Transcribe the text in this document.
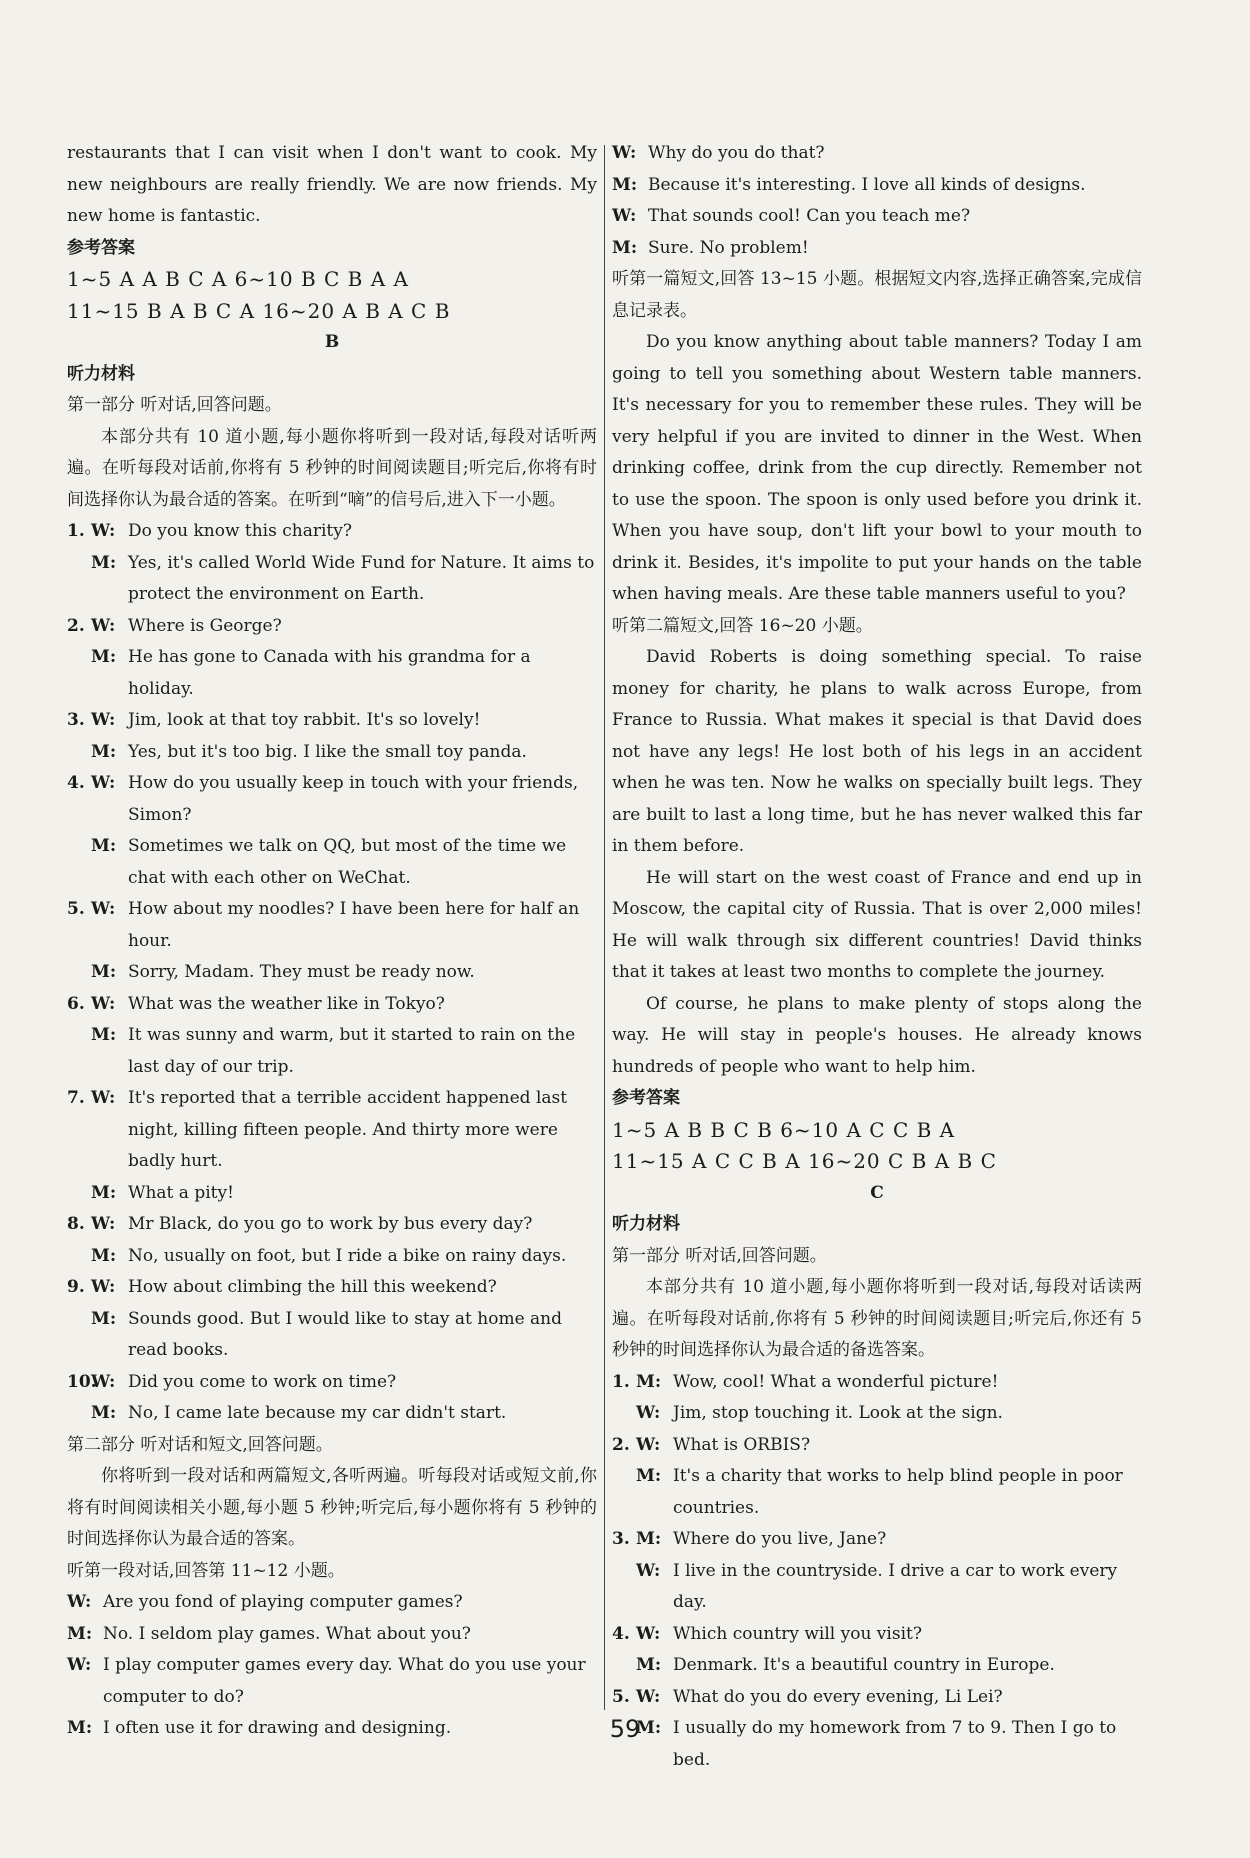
restaurants that I can visit when I don't want to cook. My new neighbours are really friendly. We are now friends. My new home is fantastic.

参考答案

1~5 A A B C A 6~10 B C B A A

11~15 B A B C A 16~20 A B A C B

B

听力材料

第一部分 听对话,回答问题。

本部分共有 10 道小题,每小题你将听到一段对话,每段对话听两遍。在听每段对话前,你将有 5 秒钟的时间阅读题目;听完后,你将有时间选择你认为最合适的答案。在听到“嘀”的信号后,进入下一小题。

1. W: Do you know this charity?

M: Yes, it's called World Wide Fund for Nature. It aims to protect the environment on Earth.

2. W: Where is George?

M: He has gone to Canada with his grandma for a holiday.

3. W: Jim, look at that toy rabbit. It's so lovely!

M: Yes, but it's too big. I like the small toy panda.

4. W: How do you usually keep in touch with your friends, Simon?

M: Sometimes we talk on QQ, but most of the time we chat with each other on WeChat.

5. W: How about my noodles? I have been here for half an hour.

M: Sorry, Madam. They must be ready now.

6. W: What was the weather like in Tokyo?

M: It was sunny and warm, but it started to rain on the last day of our trip.

7. W: It's reported that a terrible accident happened last night, killing fifteen people. And thirty more were badly hurt.

M: What a pity!

8. W: Mr Black, do you go to work by bus every day?

M: No, usually on foot, but I ride a bike on rainy days.

9. W: How about climbing the hill this weekend?

M: Sounds good. But I would like to stay at home and read books.

10.
W: Did you come to work on time?

M: No, I came late because my car didn't start.

第二部分 听对话和短文,回答问题。

你将听到一段对话和两篇短文,各听两遍。听每段对话或短文前,你将有时间阅读相关小题,每小题 5 秒钟;听完后,每小题你将有 5 秒钟的时间选择你认为最合适的答案。

听第一段对话,回答第 11~12 小题。

W: Are you fond of playing computer games?

M: No. I seldom play games. What about you?

W: I play computer games every day. What do you use your computer to do?

M: I often use it for drawing and designing.

W: Why do you do that?

M: Because it's interesting. I love all kinds of designs.

W: That sounds cool! Can you teach me?

M: Sure. No problem!

听第一篇短文,回答 13~15 小题。根据短文内容,选择正确答案,完成信息记录表。

Do you know anything about table manners? Today I am going to tell you something about Western table manners. It's necessary for you to remember these rules. They will be very helpful if you are invited to dinner in the West. When drinking coffee, drink from the cup directly. Remember not to use the spoon. The spoon is only used before you drink it. When you have soup, don't lift your bowl to your mouth to drink it. Besides, it's impolite to put your hands on the table when having meals. Are these table manners useful to you?

听第二篇短文,回答 16~20 小题。

David Roberts is doing something special. To raise money for charity, he plans to walk across Europe, from France to Russia. What makes it special is that David does not have any legs! He lost both of his legs in an accident when he was ten. Now he walks on specially built legs. They are built to last a long time, but he has never walked this far in them before.

He will start on the west coast of France and end up in Moscow, the capital city of Russia. That is over 2,000 miles! He will walk through six different countries! David thinks that it takes at least two months to complete the journey.

Of course, he plans to make plenty of stops along the way. He will stay in people's houses. He already knows hundreds of people who want to help him.

参考答案

1~5 A B B C B 6~10 A C C B A

11~15 A C C B A 16~20 C B A B C

C

听力材料

第一部分 听对话,回答问题。

本部分共有 10 道小题,每小题你将听到一段对话,每段对话读两遍。在听每段对话前,你将有 5 秒钟的时间阅读题目;听完后,你还有 5 秒钟的时间选择你认为最合适的备选答案。

1. M: Wow, cool! What a wonderful picture!

W: Jim, stop touching it. Look at the sign.

2. W: What is ORBIS?

M: It's a charity that works to help blind people in poor countries.

3. M: Where do you live, Jane?

W: I live in the countryside. I drive a car to work every day.

4. W: Which country will you visit?

M: Denmark. It's a beautiful country in Europe.

5. W: What do you do every evening, Li Lei?

M: I usually do my homework from 7 to 9. Then I go to bed.

59
